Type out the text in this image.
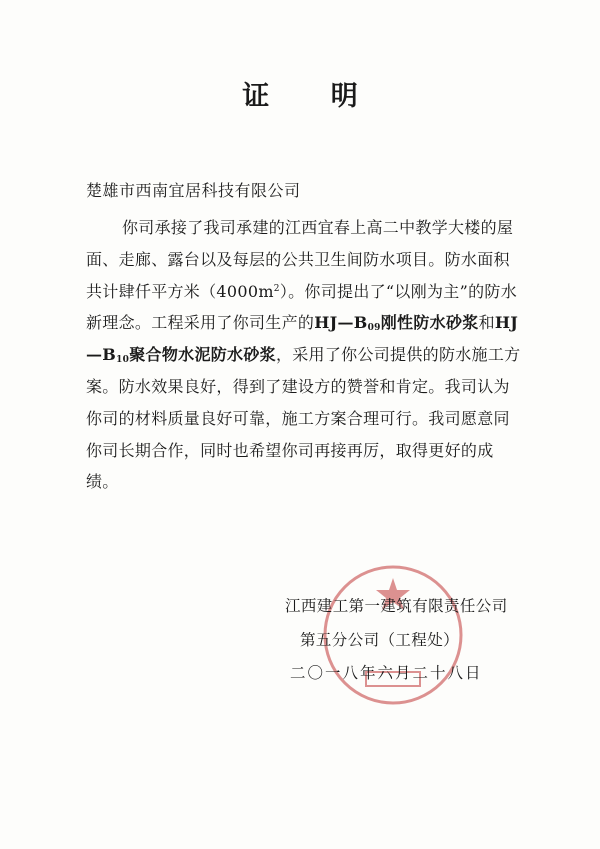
证 明
楚雄市西南宜居科技有限公司
你司承接了我司承建的江西宜春上高二中教学大楼的屋面、走廊、露台以及每层的公共卫生间防水项目。防水面积共计肆仟平方米$(4000m^2)$。你司提出了“以刚为主”的防水新理念。工程采用了你司生产的$HJ—B_{09}$刚性防水砂浆和$HJ—B_{10}$聚合物水泥防水砂浆，采用了你公司提供的防水施工方案。防水效果良好，得到了建设方的赞誉和肯定。我司认为你司的材料质量良好可靠，施工方案合理可行。我司愿意同你司长期合作，同时也希望你司再接再厉，取得更好的成绩。
江西建工第一建筑有限责任公司
第五分公司（工程处）
二〇一八年六月二十八日
